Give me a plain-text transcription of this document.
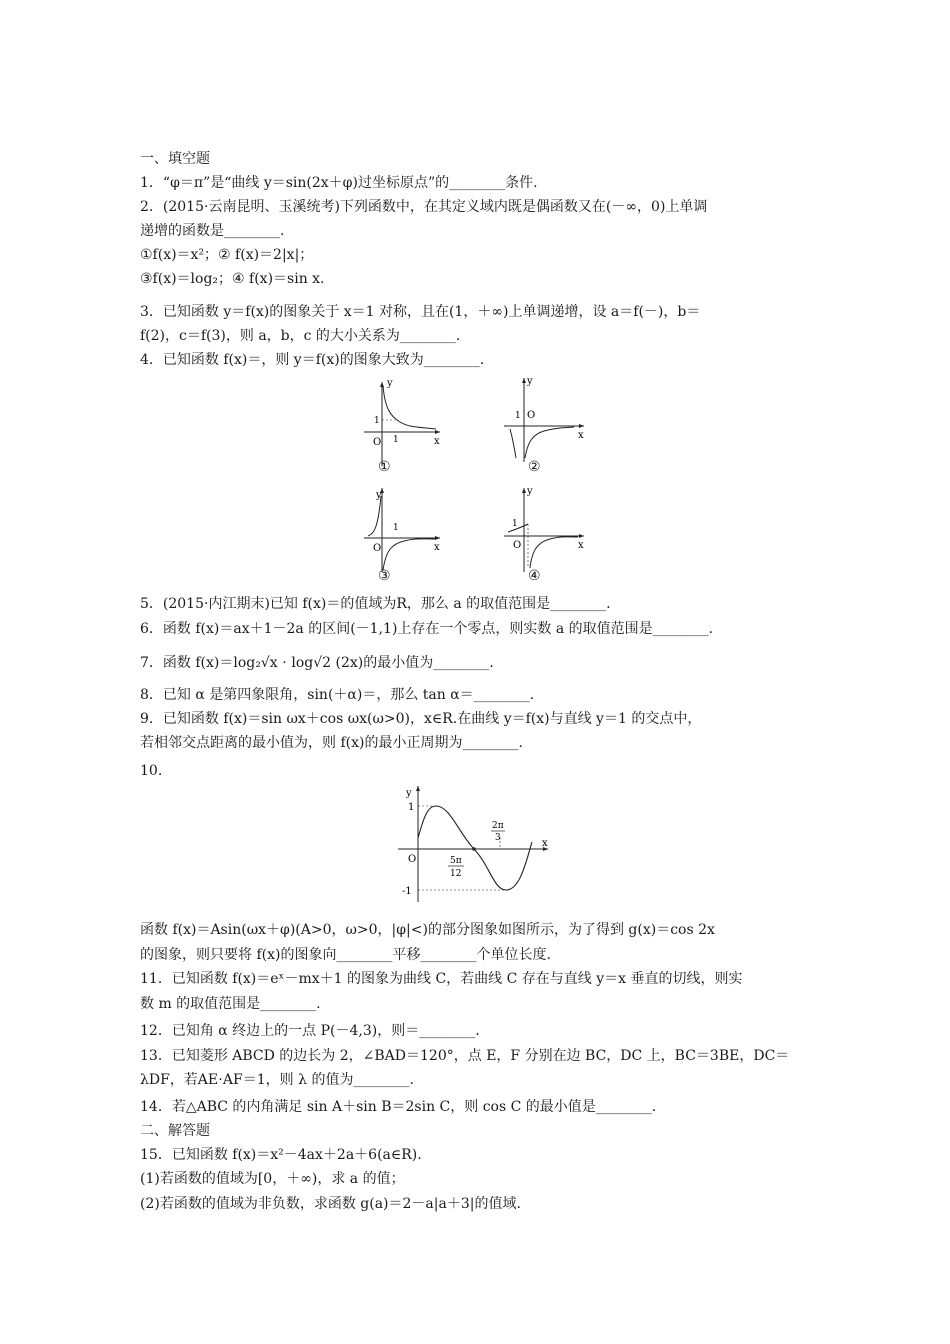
一、填空题
1．“φ＝π”是“曲线 y＝sin(2x＋φ)过坐标原点”的________条件.
2．(2015·云南昆明、玉溪统考)下列函数中，在其定义域内既是偶函数又在(－∞，0)上单调
递增的函数是________.
①f(x)＝x²；② f(x)＝2|x|；
③f(x)＝log₂；④ f(x)＝sin x.
3．已知函数 y＝f(x)的图象关于 x＝1 对称，且在(1，＋∞)上单调递增，设 a＝f(－)，b＝
f(2)，c＝f(3)，则 a，b，c 的大小关系为________.
4．已知函数 f(x)＝，则 y＝f(x)的图象大致为________.
y
x
O
1
1
①
y
x
O
1
②
y
x
O
1
③
y
x
O
1
④
5．(2015·内江期末)已知 f(x)＝的值域为R，那么 a 的取值范围是________.
6．函数 f(x)＝ax＋1－2a 的区间(－1,1)上存在一个零点，则实数 a 的取值范围是________.
7．函数 f(x)＝log₂√x ⋅ log√2 (2x)的最小值为________.
8．已知 α 是第四象限角，sin(＋α)＝，那么 tan α＝________.
9．已知函数 f(x)＝sin ωx＋cos ωx(ω>0)，x∈R.在曲线 y＝f(x)与直线 y＝1 的交点中，
若相邻交点距离的最小值为，则 f(x)的最小正周期为________.
10.
y
x
1
-1
O	5π
12
2π
3
函数 f(x)＝Asin(ωx＋φ)(A>0，ω>0，|φ|<)的部分图象如图所示，为了得到 g(x)＝cos 2x
的图象，则只要将 f(x)的图象向________平移________个单位长度.
11．已知函数 f(x)＝eˣ－mx＋1 的图象为曲线 C，若曲线 C 存在与直线 y＝x 垂直的切线，则实
数 m 的取值范围是________.
12．已知角 α 终边上的一点 P(－4,3)，则＝________.
13．已知菱形 ABCD 的边长为 2，∠BAD＝120°，点 E，F 分别在边 BC，DC 上，BC＝3BE，DC＝
λDF，若AE⋅AF＝1，则 λ 的值为________.
14．若△ABC 的内角满足 sin A＋sin B＝2sin C，则 cos C 的最小值是________.
二、解答题
15．已知函数 f(x)＝x²－4ax＋2a＋6(a∈R).
(1)若函数的值域为[0，＋∞)，求 a 的值；
(2)若函数的值域为非负数，求函数 g(a)＝2－a|a＋3|的值域.
